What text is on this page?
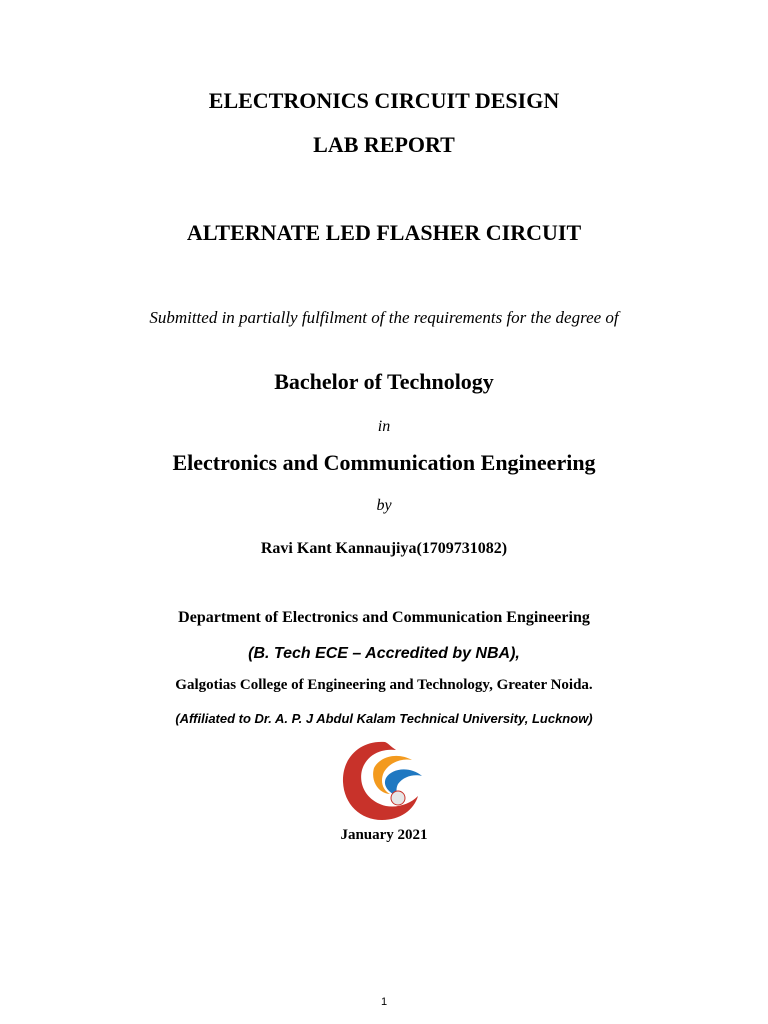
ELECTRONICS CIRCUIT DESIGN
LAB REPORT
ALTERNATE LED FLASHER CIRCUIT
Submitted in partially fulfilment of the requirements for the degree of
Bachelor of Technology
in
Electronics and Communication Engineering
by
Ravi Kant Kannaujiya(1709731082)
Department of Electronics and Communication Engineering
(B. Tech ECE – Accredited by NBA),
Galgotias College of Engineering and Technology, Greater Noida.
(Affiliated to Dr. A. P. J Abdul Kalam Technical University, Lucknow)
January 2021
1
